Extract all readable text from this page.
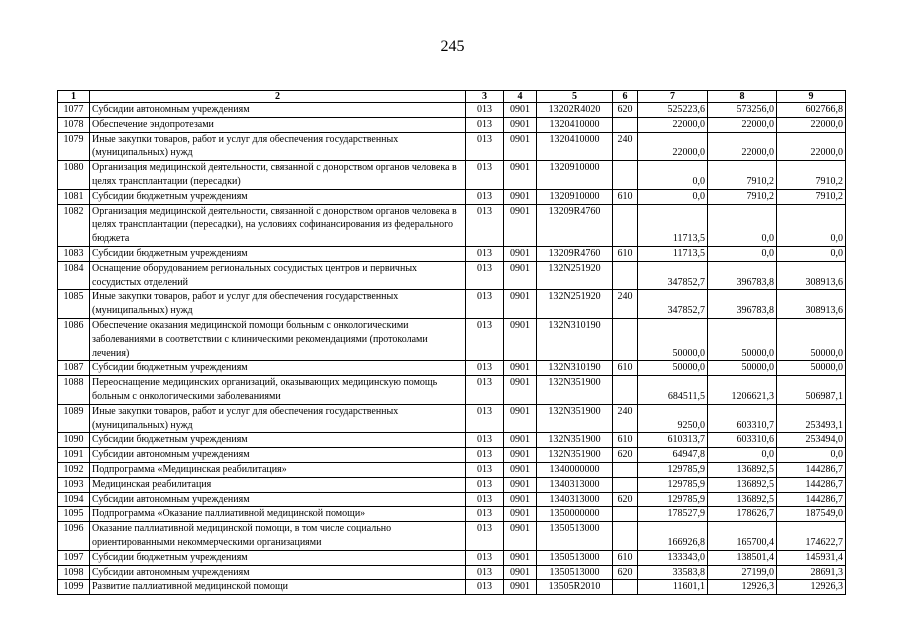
245
1	2	3	4	5	6	7	8	9
1077	Субсидии автономным учреждениям	013	0901	13202R4020	620	525223,6	573256,0	602766,8
1078	Обеспечение эндопротезами	013	0901	1320410000		22000,0	22000,0	22000,0
1079	Иные закупки товаров, работ и услуг для обеспечения государственных (муниципальных) нужд	013	0901	1320410000	240	22000,0	22000,0	22000,0
1080	Организация медицинской деятельности, связанной с донорством органов человека в целях трансплантации (пересадки)	013	0901	1320910000		0,0	7910,2	7910,2
1081	Субсидии бюджетным учреждениям	013	0901	1320910000	610	0,0	7910,2	7910,2
1082	Организация медицинской деятельности, связанной с донорством органов человека в целях трансплантации (пересадки), на условиях софинансирования из федерального бюджета	013	0901	13209R4760		11713,5	0,0	0,0
1083	Субсидии бюджетным учреждениям	013	0901	13209R4760	610	11713,5	0,0	0,0
1084	Оснащение оборудованием региональных сосудистых центров и первичных сосудистых отделений	013	0901	132N251920		347852,7	396783,8	308913,6
1085	Иные закупки товаров, работ и услуг для обеспечения государственных (муниципальных) нужд	013	0901	132N251920	240	347852,7	396783,8	308913,6
1086	Обеспечение оказания медицинской помощи больным с онкологическими заболеваниями в соответствии с клиническими рекомендациями (протоколами лечения)	013	0901	132N310190		50000,0	50000,0	50000,0
1087	Субсидии бюджетным учреждениям	013	0901	132N310190	610	50000,0	50000,0	50000,0
1088	Переоснащение медицинских организаций, оказывающих медицинскую помощь больным с онкологическими заболеваниями	013	0901	132N351900		684511,5	1206621,3	506987,1
1089	Иные закупки товаров, работ и услуг для обеспечения государственных (муниципальных) нужд	013	0901	132N351900	240	9250,0	603310,7	253493,1
1090	Субсидии бюджетным учреждениям	013	0901	132N351900	610	610313,7	603310,6	253494,0
1091	Субсидии автономным учреждениям	013	0901	132N351900	620	64947,8	0,0	0,0
1092	Подпрограмма «Медицинская реабилитация»	013	0901	1340000000		129785,9	136892,5	144286,7
1093	Медицинская реабилитация	013	0901	1340313000		129785,9	136892,5	144286,7
1094	Субсидии автономным учреждениям	013	0901	1340313000	620	129785,9	136892,5	144286,7
1095	Подпрограмма «Оказание паллиативной медицинской помощи»	013	0901	1350000000		178527,9	178626,7	187549,0
1096	Оказание паллиативной медицинской помощи, в том числе социально ориентированными некоммерческими организациями	013	0901	1350513000		166926,8	165700,4	174622,7
1097	Субсидии бюджетным учреждениям	013	0901	1350513000	610	133343,0	138501,4	145931,4
1098	Субсидии автономным учреждениям	013	0901	1350513000	620	33583,8	27199,0	28691,3
1099	Развитие паллиативной медицинской помощи	013	0901	13505R2010		11601,1	12926,3	12926,3
